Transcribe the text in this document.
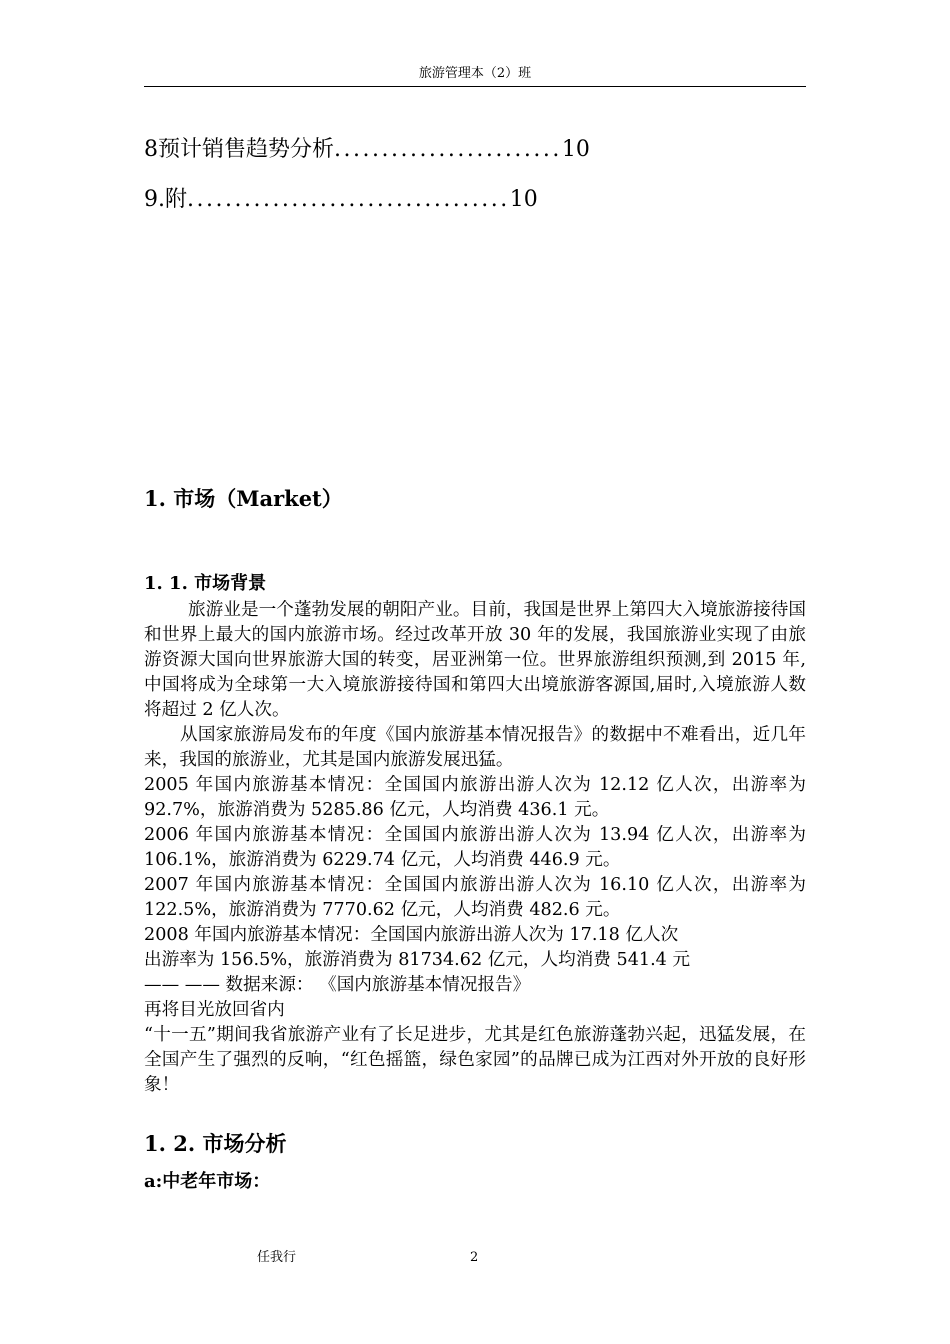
旅游管理本（2）班
8预计销售趋势分析........................10
9.附..................................10
1. 市场（Market）
1. 1. 市场背景

旅游业是一个蓬勃发展的朝阳产业。目前，我国是世界上第四大入境旅游接待国和世界上最大的国内旅游市场。经过改革开放 30 年的发展，我国旅游业实现了由旅游资源大国向世界旅游大国的转变，居亚洲第一位。世界旅游组织预测,到 2015 年,中国将成为全球第一大入境旅游接待国和第四大出境旅游客源国,届时,入境旅游人数将超过 2 亿人次。

从国家旅游局发布的年度《国内旅游基本情况报告》的数据中不难看出，近几年来，我国的旅游业，尤其是国内旅游发展迅猛。

2005 年国内旅游基本情况：全国国内旅游出游人次为 12.12 亿人次，出游率为 92.7%，旅游消费为 5285.86 亿元，人均消费 436.1 元。

2006 年国内旅游基本情况：全国国内旅游出游人次为 13.94 亿人次，出游率为 106.1%，旅游消费为 6229.74 亿元，人均消费 446.9 元。

2007 年国内旅游基本情况：全国国内旅游出游人次为 16.10 亿人次，出游率为 122.5%，旅游消费为 7770.62 亿元，人均消费 482.6 元。

2008 年国内旅游基本情况：全国国内旅游出游人次为 17.18 亿人次

出游率为 156.5%，旅游消费为 81734.62 亿元，人均消费 541.4 元

—— —— 数据来源： 《国内旅游基本情况报告》

再将目光放回省内

“十一五”期间我省旅游产业有了长足进步，尤其是红色旅游蓬勃兴起，迅猛发展，在全国产生了强烈的反响，“红色摇篮，绿色家园”的品牌已成为江西对外开放的良好形象！

1. 2. 市场分析
a:中老年市场：
任我行	2
